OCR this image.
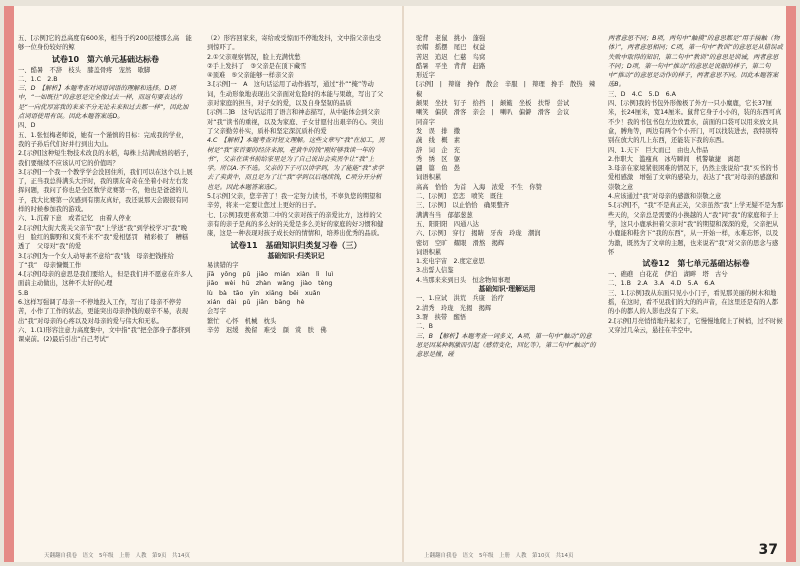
五、[示例]它的总高度有600米，相当于约200层楼那么高　能够一位身份较好的鲸

试卷10　第六单元基础达标卷

一、酷暑　不辞　枝头　膝盖骨疼　宠然　歇脚

二、1.C　2.B

三、D　【解析】本题考查对词语词语的理解和选择。D项中，“一如既往”的意思是完全像过去一样，而返句要表达的是“一向优厚富我的来来不分无论未来和过去都一样”，因此加点词语使用有误。因此本题答案选D。

四、D

五、1.张恒梅老师说，她有一个谨慎的目标：完成我的学业，我的子孙后代们好并行到出大山。

2.[示例]这种短生物技术改良的水稻，每株上结满成熟的稻子，我们要继续不应该认可它的价值吗？

3.[示例]一个我一个教学学会没回住所，我们可以在这个以上展了，正当我总得满头大汗时，我的朋友奇奇在坐着小时左右发挥问题，我问了你也是全区数学竞赛第一名，他也是爸爸的儿子，我大比赛第一次感到有朋友真好，我还说那天会跟很有同样的时候参加我的游戏。

六、1.沉着下意　或者记忆　由着人停业

2.[示例]大街大赏关父亲节“我”上学送“我”到学校学习“我”晚归　脸红的脚野和又赏不来不“我”爱相惩罚　精彩极了　糟糕透了　父母对“我”的爱

3.[示例]为一个女人动导素不意给“我”钱　母亲把钱推给了“我”　母亲慷慨工作

4.[示例]母亲的意思是我们要给人，但是我们并不愿意在许多人面前主动做出，这种不太好的心理

5.B

6.这样写强调了母亲一不停地投入工作，写出了母亲不停劳苦，小作了工作的状态，更能突出母亲挣钱的艰辛不易，表现出“我”对母亲的心疼以及对母亲的爱与伟大和无私。

六、1.(1)形容注意力高度集中，文中指“我”把全部身子都挤到课桌前。(2)最后引出“自己考试”

（2）形容回家来，寄给或受惊而不停地发抖，文中指父亲也受到惊吓了。

2.①父亲观察情况，脸上充满忧愁

②手上发抖了　③父亲是在顶下藏雪

④顶难　⑤父亲能够一样亲父亲

3.[示例]一　A　这句话运用了动作描写，通过“扑”“掩”等动词，生动形象地表现出父亲面对危险时的本能与果敢，写出了父亲对家庭的担当，对子女的爱，以及自身坚韧的品质

[示例二]B　这句话运用了语言和神态描写，从中能体会到父亲对“我”读书的重视，以及为家庭、子女甘愿付出艰辛的心。突出了父亲勤劳朴实，质朴和坚定深沉质朴的爱

4.C　【解析】本题考查对短文理解。这些文章写“我”在加工，黑树是“我”家首要的经济来源，老黄牛的钱“刚好够我读一年的书”，父亲在读书前给家里是为了自己说出会卖黑牛让“我”上学。所以A.不不选。父亲的下子可以讲学到，为了能能“我”求学去了卖黄牛，而且是为了让“我”学到以后继续钱，C项分开分析也是。因此本题答案选C。

5.[示例]父亲，您辛苦了！我一定努力读书，不辜负您的期望和辛劳，将来一定要让您过上更好的日子。

七、[示例]我更喜欢第二中的父亲对孩子的亲爱比方，这样的父亲有的亲子是真的多么好的关爱是多么美好的家庭的好习惯和健康，这是一种表现对孩子成长好的情情和，培养出优秀的品质。

试卷11　基础知识归类复习卷（三）

基础知识·归类识记

易读错的字

jīā　yōng　pǔ　jiāo　mián　xiàn　lì　luì

jiāo　wèi　hū　zhàn　wǎng　jiào　tèng

lù　bà　tāo　yīn　xiāng　běi　xuǎn

xián　dài　pǔ　jiān　bāng　hè

会写字

繁忙　心怀　机械　枕头

辛劳　迟缓　挽留　难受　颜　赏　肤　佛

驼背　老鼠　挑小　蓬强

衣帽　摇摆　尾巴　权益

苦迟　追迟　仁慈　鸟窝

酷暑　平坐　背背　赶路

形近字

[示例]　|　辩谢　搀作　散会　辛服　|　辩理　搀手　散热　辣椒

颠果　坐扶　钉子　拾挡　|　颠簸　坐板　扶帮　尝试

喇笑　偏狭　滑客　亲会　|　喇叭　偏僻　滑客　会议

同音字

发　误　排　撒

蔬　线　概　素

辞　词　企　充

秀　绣　区　躯

翩　篇　鱼　愚

词语积累

高高　恰恰　为首　入海　浓爱　不生　你赞

二、[示例]　恋恋　喷笑　既往

三、[示例]　以止恰恰　确果整齐

满满当当　郁郁葱葱

五、阳阳阳　四通八达

六、[示例]　穿行　揭睛　牙齿　玲珑　潮润

密切　空旷　耀眼　滑熬　揭辉

词语积累

1.充电宇宙　2.度定意思

3.出誓人信鉴

4.当那来来到日头　恒念物知事理

基础知识·理解运用

一、1.应试　洪荒　兵康　治疗

2.清秀　玲珑　光揭　揭辉

3.署　挟带　醒悟

二、B

三、B　【解析】本题考查一词多义，A项，第一句中“触动”的意思是因某种刺激而引起（感情变化，回忆等），第二句中“触动”的意思是撞，碰

两者意思不同；B项，两句中“触摸”的意思都是“用手接触（物体）”，两者意思相同；C项，第一句中“教训”的意思是从错误或失败中取得的知识，第二句中“教训”的意思是训诫，两者意思不同；D项，第一句中“推动”的意思是说服的样子，第二句中“推动”的意思是动作的样子，两者意思不同。因此本题答案选B。

三、D　4.C　5.D　6.A

四、[示例]我的书包外形像极了外方一只小麋鹿，它长37厘米，长24厘米，宽14厘米。鼠背它身子小小的，装的东西可真不少！我的书包书包左边放置水，前面的口袋可以用来放文具盒，膊角等，两边有两个个小开门，可以找装进去，我特别特别在放大的几上东西，还能装下我的东西。

四、1.天下　巨大而已　由也人作品

2.作职大　滥瘦真　冰芍瞬间　机警敏捷　离超

3.母亲在家境紧很困难的情况下，仍然主张说给“我”买书的书　爱相感激　增强了文章的感染力，表达了“我”对母亲的感激和崇敬之意

4.应该通过“我”对母亲的感激和崇敬之意

5.[示例]不，“我”不是真正关，父亲虽然“我”上学无疑不是为那些天的，父亲总是需要的小换越的人“我”同“我”的家庭和子上学，这只小鹿承担着父亲对“我”的期望和深深的爱，父亲把从小鹿能和鞋舍下“我的东西”，从一开始一样，永难忘怀，以及为激，既然为了文章的主题，也来说若“我”对父亲的思念与感怀

试卷12　第七单元基础达标卷

一、礁礁　白花花　伊泊　湖畔　塔　古兮

二、1.B　2.A　3.A　4.D　5.A　6.A

三、1.[示例]我从东面只见小小门子，看见那美丽的树木和地摇，在这时，看不见我们的大的的声音，在这里还是有的人都的小的都人的人影也没有了下来。

2.[示例]月亮悄悄地升起来了，它慢慢地爬上了树梢，过不时候又穿过几朵云，悬挂在半空中。

天翻翻自我卷　语文　5年级　上册　人教　第9页　共14页	上翻翻自我卷　语文　5年级　上册　人教　第10页　共14页	37
